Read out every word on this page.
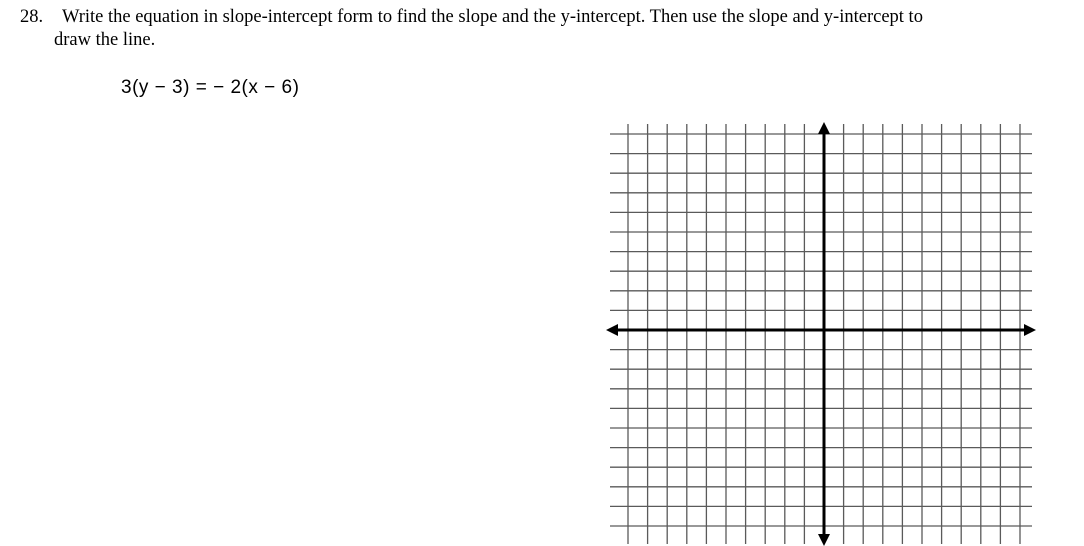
28.	Write the equation in slope-intercept form to find the slope and the y-intercept. Then use the slope and y-intercept to
draw the line.
3(y − 3) = − 2(x − 6)
